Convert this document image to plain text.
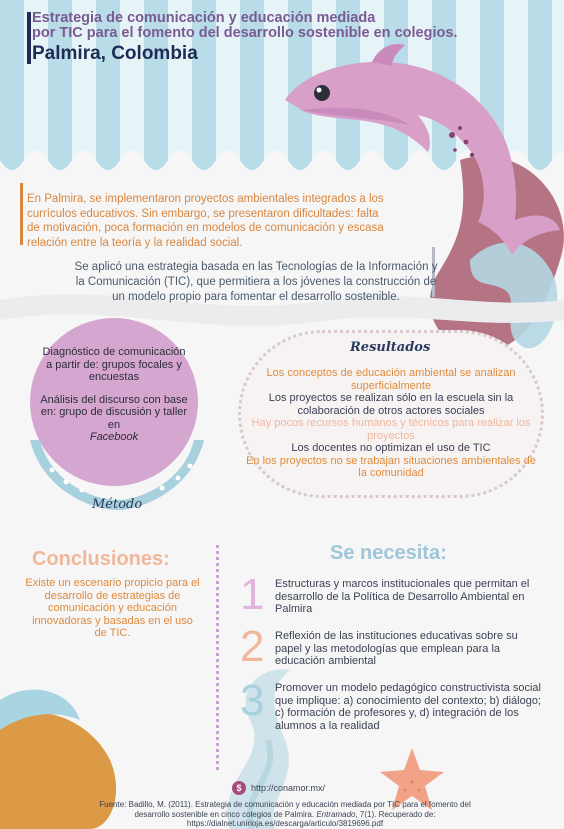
Estrategia de comunicación y educación mediada
por TIC para el fomento del desarrollo sostenible en colegios.
Palmira, Colombia
En Palmira, se implementaron proyectos ambientales integrados a los currículos educativos. Sin embargo, se presentaron dificultades: falta de motivación, poca formación en modelos de comunicación y escasa relación entre la teoría y la realidad social.
Se aplicó una estrategia basada en las Tecnologías de la Información y la Comunicación (TIC), que permitiera a los jóvenes la construcción de un modelo propio para fomentar el desarrollo sostenible.

Diagnóstico de comunicación a partir de: grupos focales y encuestas

Análisis del discurso con base en: grupo de discusión y taller en
Facebook

Método
Resultados
Los conceptos de educación ambiental se analizan superficialmente
Los proyectos se realizan sólo en la escuela sin la colaboración de otros actores sociales
Hay pocos recursos humanos y técnicos para realizar los proyectos
Los docentes no optimizan el uso de TIC
En los proyectos no se trabajan situaciones ambientales de la comunidad
Conclusiones:
Existe un escenario propicio para el desarrollo de estrategias de comunicación y educación innovadoras y basadas en el uso de TIC.
Se necesita:
1 Estructuras y marcos institucionales que permitan el desarrollo de la Política de Desarrollo Ambiental en Palmira
2 Reflexión de las instituciones educativas sobre su papel y las metodologías que emplean para la educación ambiental
3 Promover un modelo pedagógico constructivista social que implique: a) conocimiento del contexto; b) diálogo; c) formación de profesores y, d) integración de los alumnos a la realidad
$	http://conamor.mx/
Fuente: Badillo, M. (2011). Estrategia de comunicación y educación mediada por TIC para el fomento del
desarrollo sostenible en cinco colegios de Palmira. Entramado, 7(1). Recuperado de:
https://dialnet.unirioja.es/descarga/articulo/3819696.pdf
